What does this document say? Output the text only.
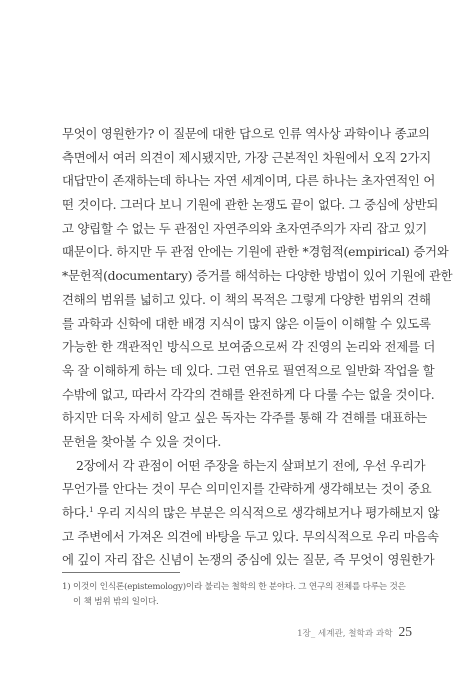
무엇이 영원한가? 이 질문에 대한 답으로 인류 역사상 과학이나 종교의
측면에서 여러 의견이 제시됐지만, 가장 근본적인 차원에서 오직 2가지
대답만이 존재하는데 하나는 자연 세계이며, 다른 하나는 초자연적인 어
떤 것이다. 그러다 보니 기원에 관한 논쟁도 끝이 없다. 그 중심에 상반되
고 양립할 수 없는 두 관점인 자연주의와 초자연주의가 자리 잡고 있기
때문이다. 하지만 두 관점 안에는 기원에 관한 *경험적(empirical) 증거와
*문헌적(documentary) 증거를 해석하는 다양한 방법이 있어 기원에 관한
견해의 범위를 넓히고 있다. 이 책의 목적은 그렇게 다양한 범위의 견해
를 과학과 신학에 대한 배경 지식이 많지 않은 이들이 이해할 수 있도록
가능한 한 객관적인 방식으로 보여줌으로써 각 진영의 논리와 전제를 더
욱 잘 이해하게 하는 데 있다. 그런 연유로 필연적으로 일반화 작업을 할
수밖에 없고, 따라서 각각의 견해를 완전하게 다 다룰 수는 없을 것이다.
하지만 더욱 자세히 알고 싶은 독자는 각주를 통해 각 견해를 대표하는
문헌을 찾아볼 수 있을 것이다.
2장에서 각 관점이 어떤 주장을 하는지 살펴보기 전에, 우선 우리가
무언가를 안다는 것이 무슨 의미인지를 간략하게 생각해보는 것이 중요
하다.$^1$ 우리 지식의 많은 부분은 의식적으로 생각해보거나 평가해보지 않
고 주변에서 가져온 의견에 바탕을 두고 있다. 무의식적으로 우리 마음속
에 깊이 자리 잡은 신념이 논쟁의 중심에 있는 질문, 즉 무엇이 영원한가
1) 이것이 인식론(epistemology)이라 불리는 철학의 한 분야다. 그 연구의 전체를 다루는 것은
이 책 범위 밖의 일이다.
1장_ 세계관, 철학과 과학 25
